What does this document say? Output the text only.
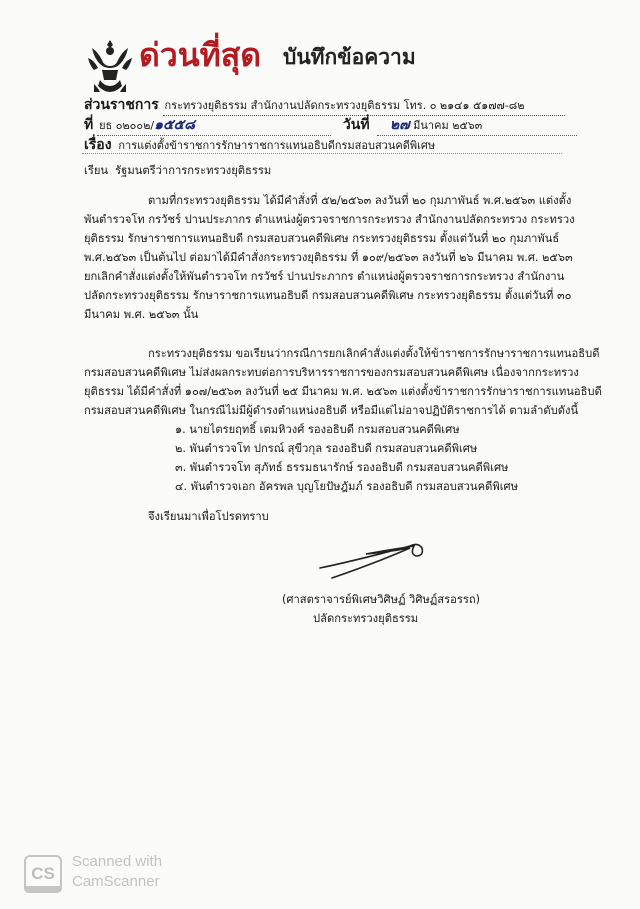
ด่วนที่สุด บันทึกข้อความ
ส่วนราชการ กระทรวงยุติธรรม สำนักงานปลัดกระทรวงยุติธรรม โทร. ๐ ๒๑๔๑ ๕๑๗๗-๘๒
ที่ ยธ ๐๒๐๐๒/๑๕๕๘	วันที่ ๒๗ มีนาคม ๒๕๖๓
เรื่อง การแต่งตั้งข้าราชการรักษาราชการแทนอธิบดีกรมสอบสวนคดีพิเศษ
เรียน รัฐมนตรีว่าการกระทรวงยุติธรรม
ตามที่กระทรวงยุติธรรม ได้มีคำสั่งที่ ๕๒/๒๕๖๓ ลงวันที่ ๒๐ กุมภาพันธ์ พ.ศ.๒๕๖๓ แต่งตั้ง
พันตำรวจโท กรวัชร์ ปานประภากร ตำแหน่งผู้ตรวจราชการกระทรวง สำนักงานปลัดกระทรวง กระทรวง
ยุติธรรม รักษาราชการแทนอธิบดี กรมสอบสวนคดีพิเศษ กระทรวงยุติธรรม ตั้งแต่วันที่ ๒๐ กุมภาพันธ์
พ.ศ.๒๕๖๓ เป็นต้นไป ต่อมาได้มีคำสั่งกระทรวงยุติธรรม ที่ ๑๐๙/๒๕๖๓ ลงวันที่ ๒๖ มีนาคม พ.ศ. ๒๕๖๓
ยกเลิกคำสั่งแต่งตั้งให้พันตำรวจโท กรวัชร์ ปานประภากร ตำแหน่งผู้ตรวจราชการกระทรวง สำนักงาน
ปลัดกระทรวงยุติธรรม รักษาราชการแทนอธิบดี กรมสอบสวนคดีพิเศษ กระทรวงยุติธรรม ตั้งแต่วันที่ ๓๐
มีนาคม พ.ศ. ๒๕๖๓ นั้น
กระทรวงยุติธรรม ขอเรียนว่ากรณีการยกเลิกคำสั่งแต่งตั้งให้ข้าราชการรักษาราชการแทนอธิบดี
กรมสอบสวนคดีพิเศษ ไม่ส่งผลกระทบต่อการบริหารราชการของกรมสอบสวนคดีพิเศษ เนื่องจากกระทรวง
ยุติธรรม ได้มีคำสั่งที่ ๑๐๗/๒๕๖๓ ลงวันที่ ๒๕ มีนาคม พ.ศ. ๒๕๖๓ แต่งตั้งข้าราชการรักษาราชการแทนอธิบดี
กรมสอบสวนคดีพิเศษ ในกรณีไม่มีผู้ดำรงตำแหน่งอธิบดี หรือมีแต่ไม่อาจปฏิบัติราชการได้ ตามลำดับดังนี้
๑. นายไตรยฤทธิ์ เตมหิวงศ์ รองอธิบดี กรมสอบสวนคดีพิเศษ
๒. พันตำรวจโท ปกรณ์ สุขีวกุล รองอธิบดี กรมสอบสวนคดีพิเศษ
๓. พันตำรวจโท สุภัทธ์ ธรรมธนารักษ์ รองอธิบดี กรมสอบสวนคดีพิเศษ
๔. พันตำรวจเอก อัครพล บุญโยปัษฎัมภ์ รองอธิบดี กรมสอบสวนคดีพิเศษ
จึงเรียนมาเพื่อโปรดทราบ
(ศาสตราจารย์พิเศษวิศิษฏ์ วิศิษฏ์สรอรรถ)
ปลัดกระทรวงยุติธรรม
CS
Scanned with
CamScanner
